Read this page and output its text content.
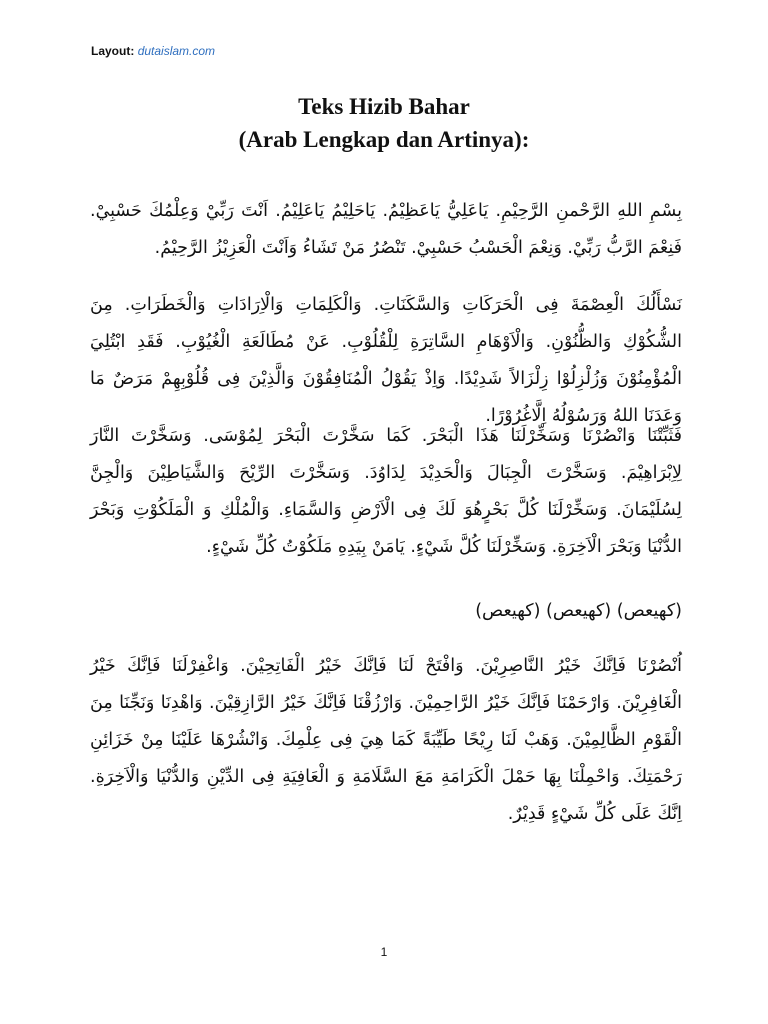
Layout: dutaislam.com
Teks Hizib Bahar
(Arab Lengkap dan Artinya):

بِسْمِ اللهِ الرَّحْمنِ الرَّحِيْمِ. يَاعَلِيُّ يَاعَظِيْمُ. يَاحَلِيْمُ يَاعَلِيْمُ. اَنْتَ رَبِّيْ وَعِلْمُكَ حَسْبِيْ. فَنِعْمَ الرَّبُّ رَبِّيْ. وَنِعْمَ الْحَسْبُ حَسْبِيْ. تَنْصُرُ مَنْ تَشَاءُ وَاَنْتَ الْعَزِيْزُ الرَّحِيْمُ.

نَسْأَلُكَ الْعِصْمَةَ فِى الْحَرَكَاتِ وَالسَّكَنَاتِ. وَالْكَلِمَاتِ وَالْاِرَادَاتِ وَالْخَطَرَاتِ. مِنَ الشُّكُوْكِ وَالظُّنُوْنِ. وَالْاَوْهَامِ السَّاتِرَةِ لِلْقُلُوْبِ. عَنْ مُطَالَعَةِ الْغُيُوْبِ. فَقَدِ ابْتُلِيَ الْمُؤْمِنُوْنَ وَزُلْزِلُوْا زِلْزَالاً شَدِيْدًا. وَاِذْ يَقُوْلُ الْمُنَافِقُوْنَ وَالَّذِيْنَ فِى قُلُوْبِهِمْ مَرَضٌ مَا وَعَدَنَا اللهُ وَرَسُوْلُهُ اِلَّاغُرُوْرًا.

فَثَبِّتْنَا وَانْصُرْنَا وَسَخِّرْلَنَا هَذَا الْبَحْرَ. كَمَا سَخَّرْتَ الْبَحْرَ لِمُوْسَى. وَسَخَّرْتَ النَّارَ لِاِبْرَاهِيْمَ. وَسَخَّرْتَ الْجِبَالَ وَالْحَدِيْدَ لِدَاوُدَ. وَسَخَّرْتَ الرِّيْحَ وَالشَّيَاطِيْنَ وَالْجِنَّ لِسُلَيْمَانَ. وَسَخِّرْلَنَا كُلَّ بَحْرٍهُوَ لَكَ فِى الْاَرْضِ وَالسَّمَاءِ. وَالْمُلْكِ وَ الْمَلَكُوْتِ وَبَحْرَ الدُّنْيَا وَبَحْرَ الْاَخِرَةِ. وَسَخِّرْلَنَا كُلَّ شَيْءٍ. يَامَنْ بِيَدِهِ مَلَكُوْتُ كُلِّ شَيْءٍ.

(كهيعص) (كهيعص) (كهيعص)

اُنْصُرْنَا فَاِنَّكَ خَيْرُ النَّاصِرِيْنَ. وَافْتَحْ لَنَا فَاِنَّكَ خَيْرُ الْفَاتِحِيْنَ. وَاغْفِرْلَنَا فَاِنَّكَ خَيْرُ الْغَافِرِيْنَ. وَارْحَمْنَا فَاِنَّكَ خَيْرُ الرَّاحِمِيْنَ. وَارْزُقْنَا فَاِنَّكَ خَيْرُ الرَّازِقِيْنَ. وَاهْدِنَا وَنَجِّنَا مِنَ الْقَوْمِ الظَّالِمِيْنَ. وَهَبْ لَنَا رِيْحًا طَيِّبَةً كَمَا هِيَ فِى عِلْمِكَ. وَانْشُرْهَا عَلَيْنَا مِنْ خَزَائِنِ رَحْمَتِكَ. وَاحْمِلْنَا بِهَا حَمْلَ الْكَرَامَةِ مَعَ السَّلَامَةِ وَ الْعَافِيَةِ فِى الدِّيْنِ وَالدُّنْيَا وَالْاَخِرَةِ. اِنَّكَ عَلَى كُلِّ شَيْءٍ قَدِيْرٌ.

1
